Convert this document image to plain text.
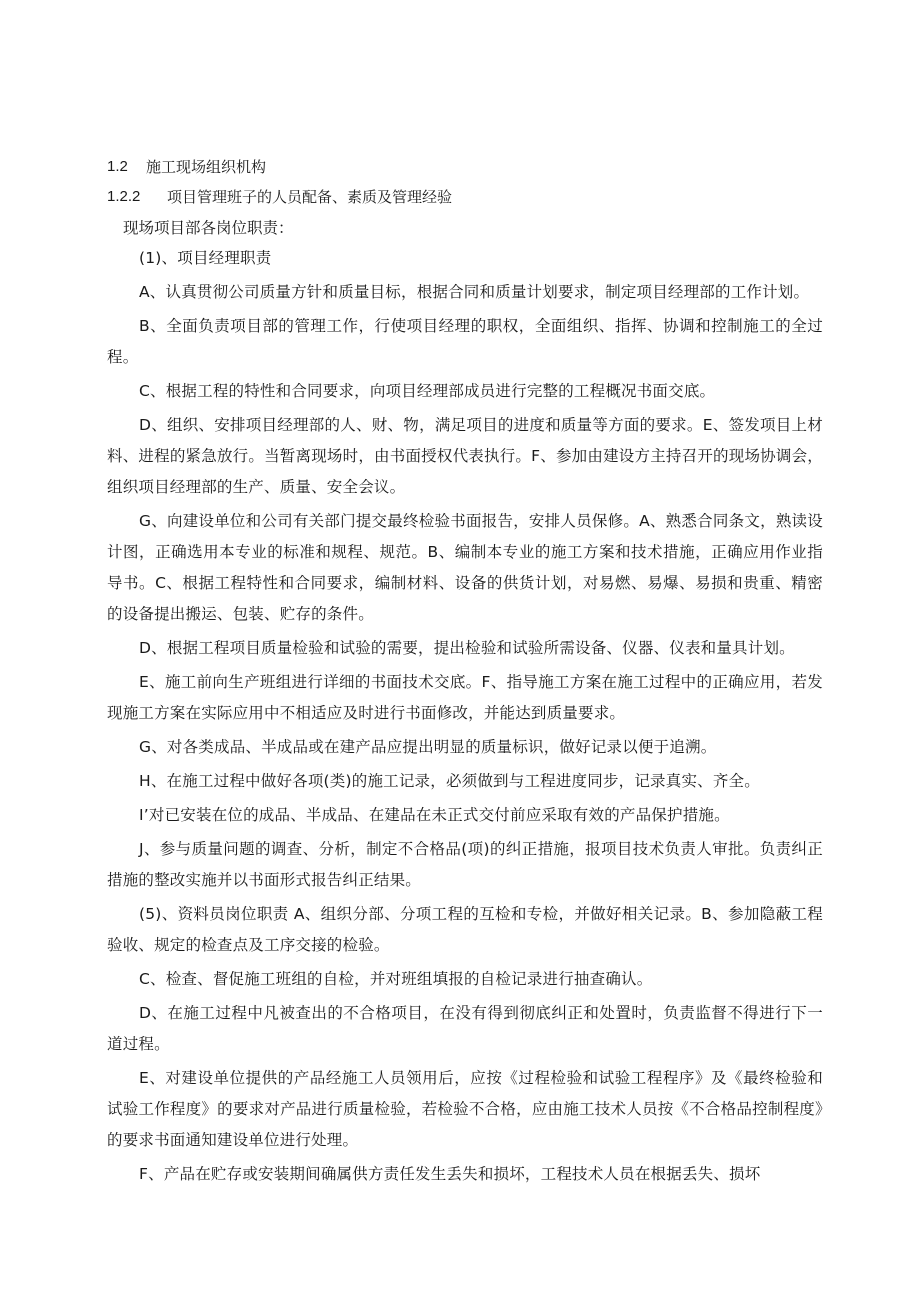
1.2	施工现场组织机构
1.2.2	项目管理班子的人员配备、素质及管理经验
现场项目部各岗位职责：

(1)、项目经理职责

A、认真贯彻公司质量方针和质量目标，根据合同和质量计划要求，制定项目经理部的工作计划。

B、全面负责项目部的管理工作，行使项目经理的职权，全面组织、指挥、协调和控制施工的全过程。

C、根据工程的特性和合同要求，向项目经理部成员进行完整的工程概况书面交底。

D、组织、安排项目经理部的人、财、物，满足项目的进度和质量等方面的要求。E、签发项目上材料、进程的紧急放行。当暂离现场时，由书面授权代表执行。F、参加由建设方主持召开的现场协调会，组织项目经理部的生产、质量、安全会议。

G、向建设单位和公司有关部门提交最终检验书面报告，安排人员保修。A、熟悉合同条文，熟读设计图，正确选用本专业的标准和规程、规范。B、编制本专业的施工方案和技术措施，正确应用作业指导书。C、根据工程特性和合同要求，编制材料、设备的供货计划，对易燃、易爆、易损和贵重、精密的设备提出搬运、包装、贮存的条件。

D、根据工程项目质量检验和试验的需要，提出检验和试验所需设备、仪器、仪表和量具计划。

E、施工前向生产班组进行详细的书面技术交底。F、指导施工方案在施工过程中的正确应用，若发现施工方案在实际应用中不相适应及时进行书面修改，并能达到质量要求。

G、对各类成品、半成品或在建产品应提出明显的质量标识，做好记录以便于追溯。

H、在施工过程中做好各项(类)的施工记录，必须做到与工程进度同步，记录真实、齐全。

I’对已安装在位的成品、半成品、在建品在未正式交付前应采取有效的产品保护措施。

J、参与质量问题的调查、分析，制定不合格品(项)的纠正措施，报项目技术负责人审批。负责纠正措施的整改实施并以书面形式报告纠正结果。

(5)、资料员岗位职责 A、组织分部、分项工程的互检和专检，并做好相关记录。B、参加隐蔽工程验收、规定的检查点及工序交接的检验。

C、检查、督促施工班组的自检，并对班组填报的自检记录进行抽查确认。

D、在施工过程中凡被查出的不合格项目，在没有得到彻底纠正和处置时，负责监督不得进行下一道过程。

E、对建设单位提供的产品经施工人员领用后，应按《过程检验和试验工程程序》及《最终检验和试验工作程度》的要求对产品进行质量检验，若检验不合格，应由施工技术人员按《不合格品控制程度》的要求书面通知建设单位进行处理。

F、产品在贮存或安装期间确属供方责任发生丢失和损坏，工程技术人员在根据丢失、损坏
